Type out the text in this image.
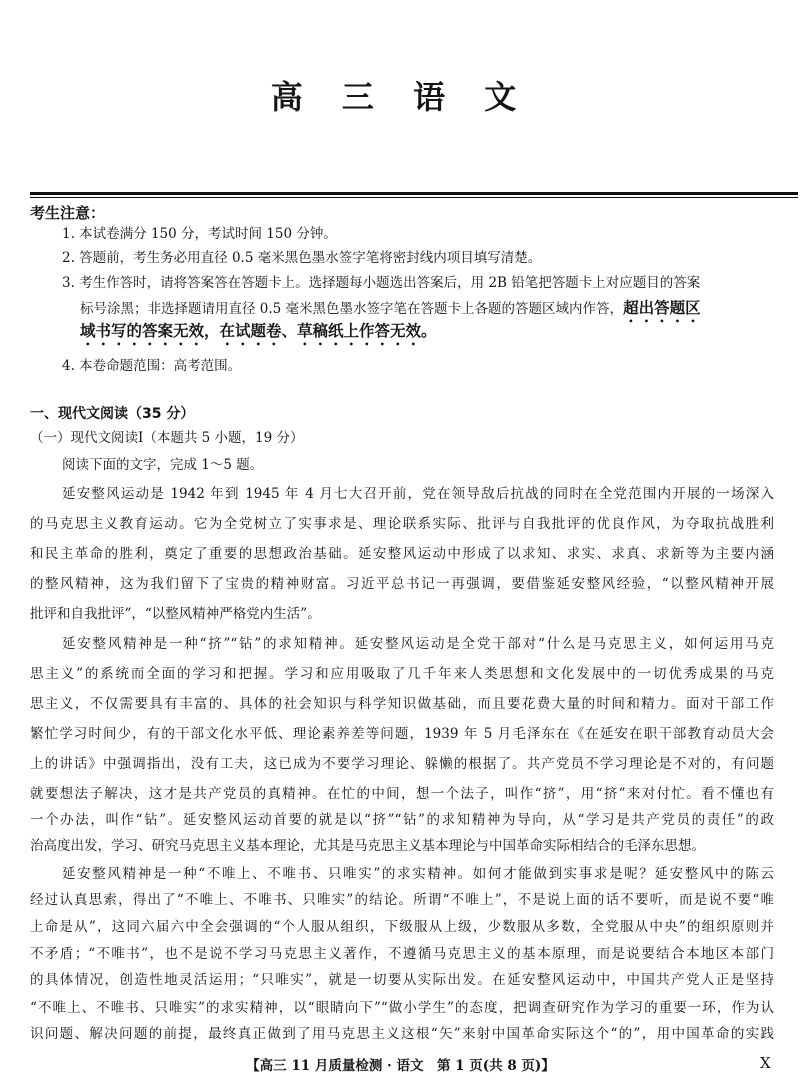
高 三 语 文
考生注意：
1. 本试卷满分 150 分，考试时间 150 分钟。
2. 答题前，考生务必用直径 0.5 毫米黑色墨水签字笔将密封线内项目填写清楚。
3. 考生作答时，请将答案答在答题卡上。选择题每小题选出答案后，用 2B 铅笔把答题卡上对应题目的答案
标号涂黑；非选择题请用直径 0.5 毫米黑色墨水签字笔在答题卡上各题的答题区域内作答，超出答题区
域书写的答案无效，在试题卷、草稿纸上作答无效。
4. 本卷命题范围：高考范围。
一、现代文阅读（35 分）
（一）现代文阅读Ⅰ（本题共 5 小题，19 分）
阅读下面的文字，完成 1～5 题。
延安整风运动是 1942 年到 1945 年 4 月七大召开前，党在领导敌后抗战的同时在全党范围内开展的一场深入
的马克思主义教育运动。它为全党树立了实事求是、理论联系实际、批评与自我批评的优良作风，为夺取抗战胜利
和民主革命的胜利，奠定了重要的思想政治基础。延安整风运动中形成了以求知、求实、求真、求新等为主要内涵
的整风精神，这为我们留下了宝贵的精神财富。习近平总书记一再强调，要借鉴延安整风经验，“以整风精神开展
批评和自我批评”，“以整风精神严格党内生活”。
延安整风精神是一种“挤”“钻”的求知精神。延安整风运动是全党干部对“什么是马克思主义，如何运用马克
思主义”的系统而全面的学习和把握。学习和应用吸取了几千年来人类思想和文化发展中的一切优秀成果的马克
思主义，不仅需要具有丰富的、具体的社会知识与科学知识做基础，而且要花费大量的时间和精力。面对干部工作
繁忙学习时间少，有的干部文化水平低、理论素养差等问题，1939 年 5 月毛泽东在《在延安在职干部教育动员大会
上的讲话》中强调指出，没有工夫，这已成为不要学习理论、躲懒的根据了。共产党员不学习理论是不对的，有问题
就要想法子解决，这才是共产党员的真精神。在忙的中间，想一个法子，叫作“挤”，用“挤”来对付忙。看不懂也有
一个办法，叫作“钻”。延安整风运动首要的就是以“挤”“钻”的求知精神为导向，从“学习是共产党员的责任”的政
治高度出发，学习、研究马克思主义基本理论，尤其是马克思主义基本理论与中国革命实际相结合的毛泽东思想。
延安整风精神是一种“不唯上、不唯书、只唯实”的求实精神。如何才能做到实事求是呢？延安整风中的陈云
经过认真思索，得出了“不唯上、不唯书、只唯实”的结论。所谓“不唯上”，不是说上面的话不要听，而是说不要“唯
上命是从”，这同六届六中全会强调的“个人服从组织，下级服从上级，少数服从多数，全党服从中央”的组织原则并
不矛盾；“不唯书”，也不是说不学习马克思主义著作，不遵循马克思主义的基本原理，而是说要结合本地区本部门
的具体情况，创造性地灵活运用；“只唯实”，就是一切要从实际出发。在延安整风运动中，中国共产党人正是坚持
“不唯上、不唯书、只唯实”的求实精神，以“眼睛向下”“做小学生”的态度，把调查研究作为学习的重要一环，作为认
识问题、解决问题的前提，最终真正做到了用马克思主义这根“矢”来射中国革命实际这个“的”，用中国革命的实践
【高三 11 月质量检测 · 语文　第 1 页(共 8 页)】	X
